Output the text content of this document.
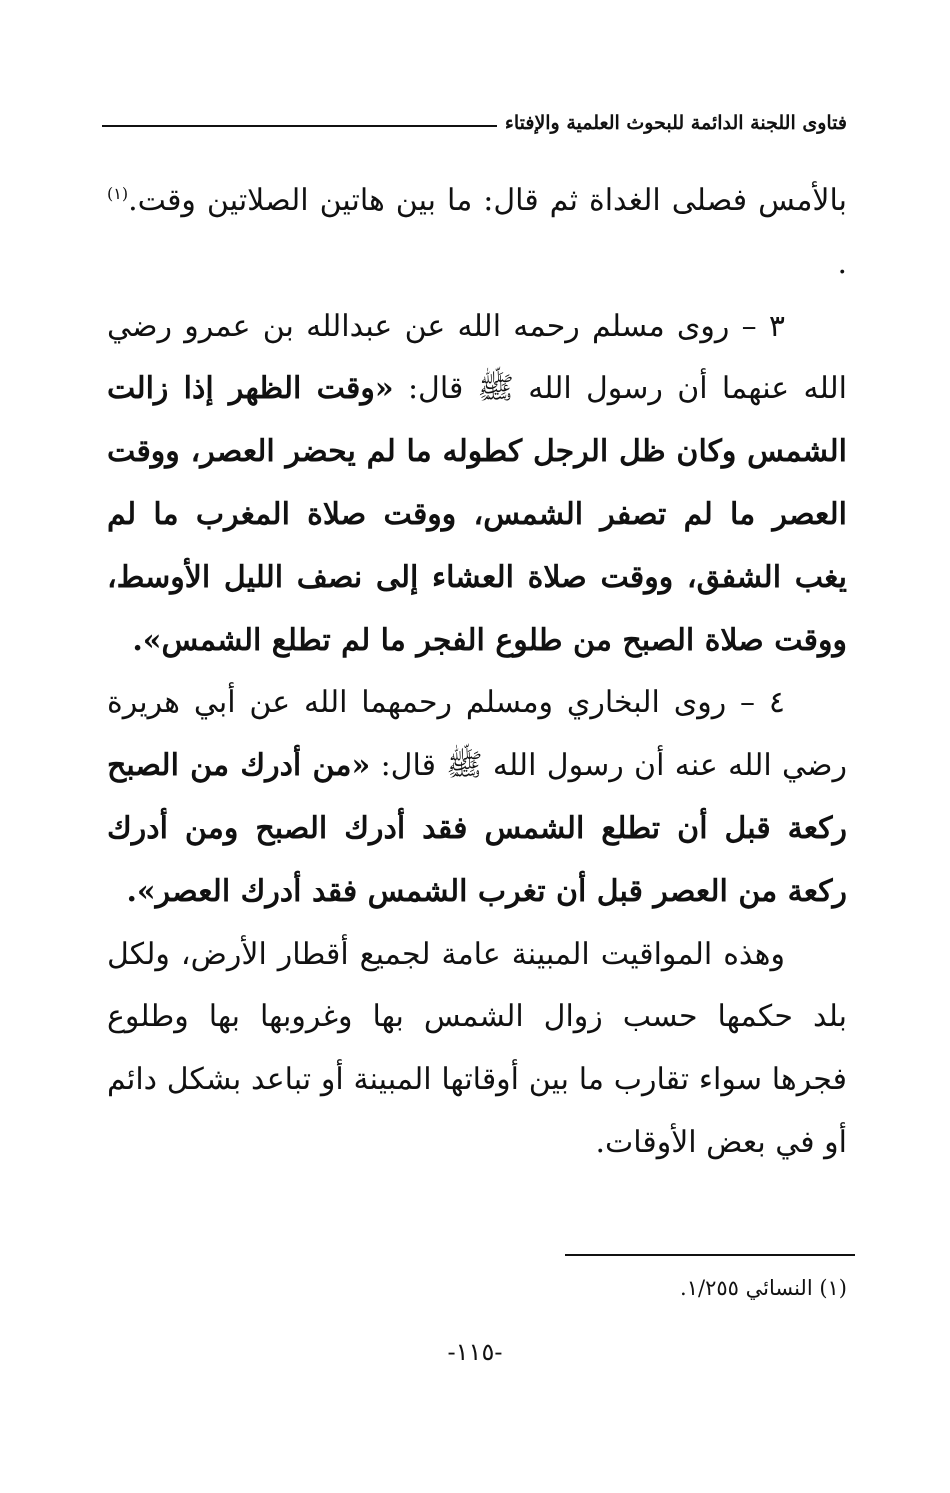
فتاوى اللجنة الدائمة للبحوث العلمية والإفتاء

بالأمس فصلى الغداة ثم قال: ما بين هاتين الصلاتين وقت.$^{(١)}$ .

٣ – روى مسلم رحمه الله عن عبدالله بن عمرو رضي الله عنهما أن رسول الله ﷺ قال: «وقت الظهر إذا زالت الشمس وكان ظل الرجل كطوله ما لم يحضر العصر، ووقت العصر ما لم تصفر الشمس، ووقت صلاة المغرب ما لم يغب الشفق، ووقت صلاة العشاء إلى نصف الليل الأوسط، ووقت صلاة الصبح من طلوع الفجر ما لم تطلع الشمس».

٤ – روى البخاري ومسلم رحمهما الله عن أبي هريرة رضي الله عنه أن رسول الله ﷺ قال: «من أدرك من الصبح ركعة قبل أن تطلع الشمس فقد أدرك الصبح ومن أدرك ركعة من العصر قبل أن تغرب الشمس فقد أدرك العصر».

وهذه المواقيت المبينة عامة لجميع أقطار الأرض، ولكل بلد حكمها حسب زوال الشمس بها وغروبها بها وطلوع فجرها سواء تقارب ما بين أوقاتها المبينة أو تباعد بشكل دائم أو في بعض الأوقات.

(١) النسائي ١/٢٥٥.
-١١٥-
